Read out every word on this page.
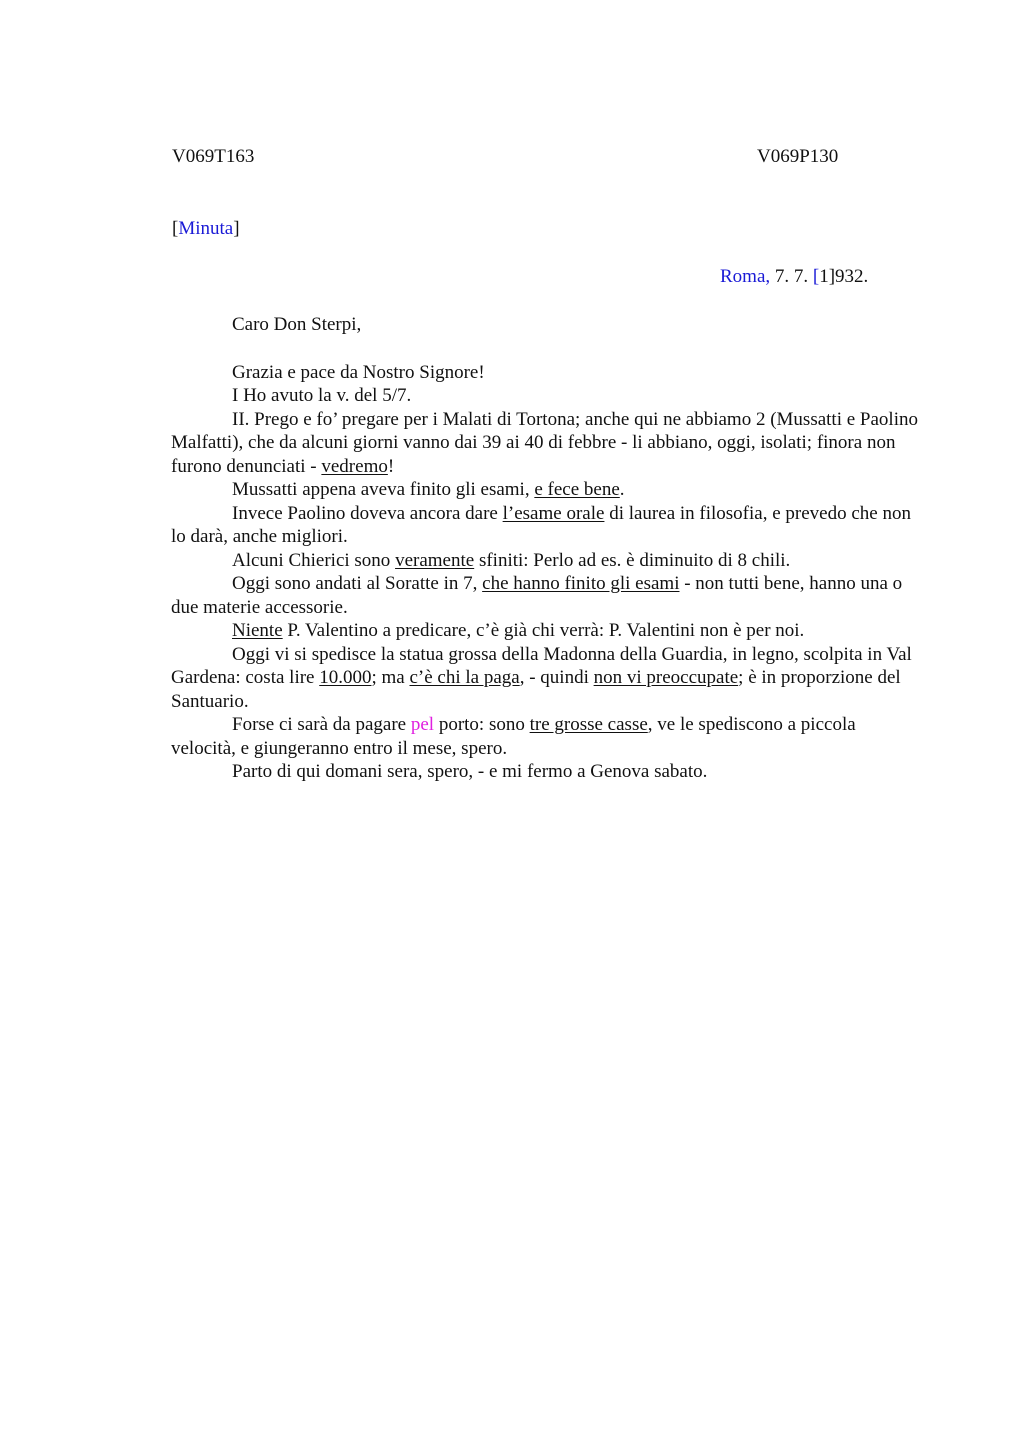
V069T163	V069P130
[Minuta]
Roma, 7. 7. [1]932.

Caro Don Sterpi,

Grazia e pace da Nostro Signore!

I Ho avuto la v. del 5/7.

II. Prego e fo’ pregare per i Malati di Tortona; anche qui ne abbiamo 2 (Mussatti e Paolino Malfatti), che da alcuni giorni vanno dai 39 ai 40 di febbre - li abbiano, oggi, isolati; finora non furono denunciati - vedremo!

Mussatti appena aveva finito gli esami, e fece bene.

Invece Paolino doveva ancora dare l’esame orale di laurea in filosofia, e prevedo che non lo darà, anche migliori.

Alcuni Chierici sono veramente sfiniti: Perlo ad es. è diminuito di 8 chili.

Oggi sono andati al Soratte in 7, che hanno finito gli esami - non tutti bene, hanno una o due materie accessorie.

Niente P. Valentino a predicare, c’è già chi verrà: P. Valentini non è per noi.

Oggi vi si spedisce la statua grossa della Madonna della Guardia, in legno, scolpita in Val Gardena: costa lire 10.000; ma c’è chi la paga, - quindi non vi preoccupate; è in proporzione del Santuario.

Forse ci sarà da pagare pel porto: sono tre grosse casse, ve le spediscono a piccola velocità, e giungeranno entro il mese, spero.

Parto di qui domani sera, spero, - e mi fermo a Genova sabato.
